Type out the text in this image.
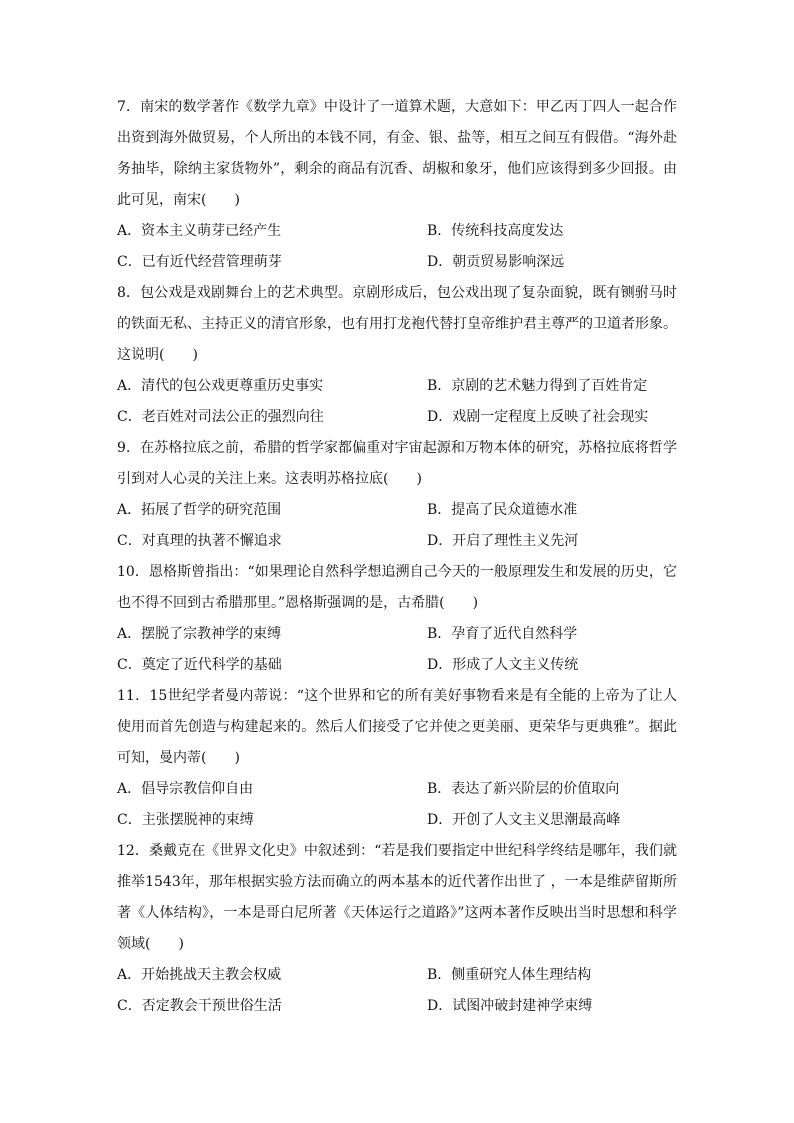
7．南宋的数学著作《数学九章》中设计了一道算术题，大意如下：甲乙丙丁四人一起合作出资到海外做贸易，个人所出的本钱不同，有金、银、盐等，相互之间互有假借。“海外赴务抽毕，除纳主家货物外”，剩余的商品有沉香、胡椒和象牙，他们应该得到多少回报。由此可见，南宋(　　)

A．资本主义萌芽已经产生	B．传统科技高度发达
C．已有近代经营管理萌芽	D．朝贡贸易影响深远

8．包公戏是戏剧舞台上的艺术典型。京剧形成后，包公戏出现了复杂面貌，既有铡驸马时的铁面无私、主持正义的清官形象，也有用打龙袍代替打皇帝维护君主尊严的卫道者形象。这说明(　　)

A．清代的包公戏更尊重历史事实	B．京剧的艺术魅力得到了百姓肯定
C．老百姓对司法公正的强烈向往	D．戏剧一定程度上反映了社会现实

9．在苏格拉底之前，希腊的哲学家都偏重对宇宙起源和万物本体的研究，苏格拉底将哲学引到对人心灵的关注上来。这表明苏格拉底(　　)

A．拓展了哲学的研究范围	B．提高了民众道德水准
C．对真理的执著不懈追求	D．开启了理性主义先河

10．恩格斯曾指出：“如果理论自然科学想追溯自己今天的一般原理发生和发展的历史，它也不得不回到古希腊那里。”恩格斯强调的是，古希腊(　　)

A．摆脱了宗教神学的束缚	B．孕育了近代自然科学
C．奠定了近代科学的基础	D．形成了人文主义传统

11．15世纪学者曼内蒂说：“这个世界和它的所有美好事物看来是有全能的上帝为了让人使用而首先创造与构建起来的。然后人们接受了它并使之更美丽、更荣华与更典雅”。据此可知，曼内蒂(　　)

A．倡导宗教信仰自由	B．表达了新兴阶层的价值取向
C．主张摆脱神的束缚	D．开创了人文主义思潮最高峰

12．桑戴克在《世界文化史》中叙述到：“若是我们要指定中世纪科学终结是哪年，我们就推举1543年，那年根据实验方法而确立的两本基本的近代著作出世了 ，一本是维萨留斯所著《人体结构》，一本是哥白尼所著《天体运行之道路》”这两本著作反映出当时思想和科学领域(　　)

A．开始挑战天主教会权威	B．侧重研究人体生理结构
C．否定教会干预世俗生活	D．试图冲破封建神学束缚
